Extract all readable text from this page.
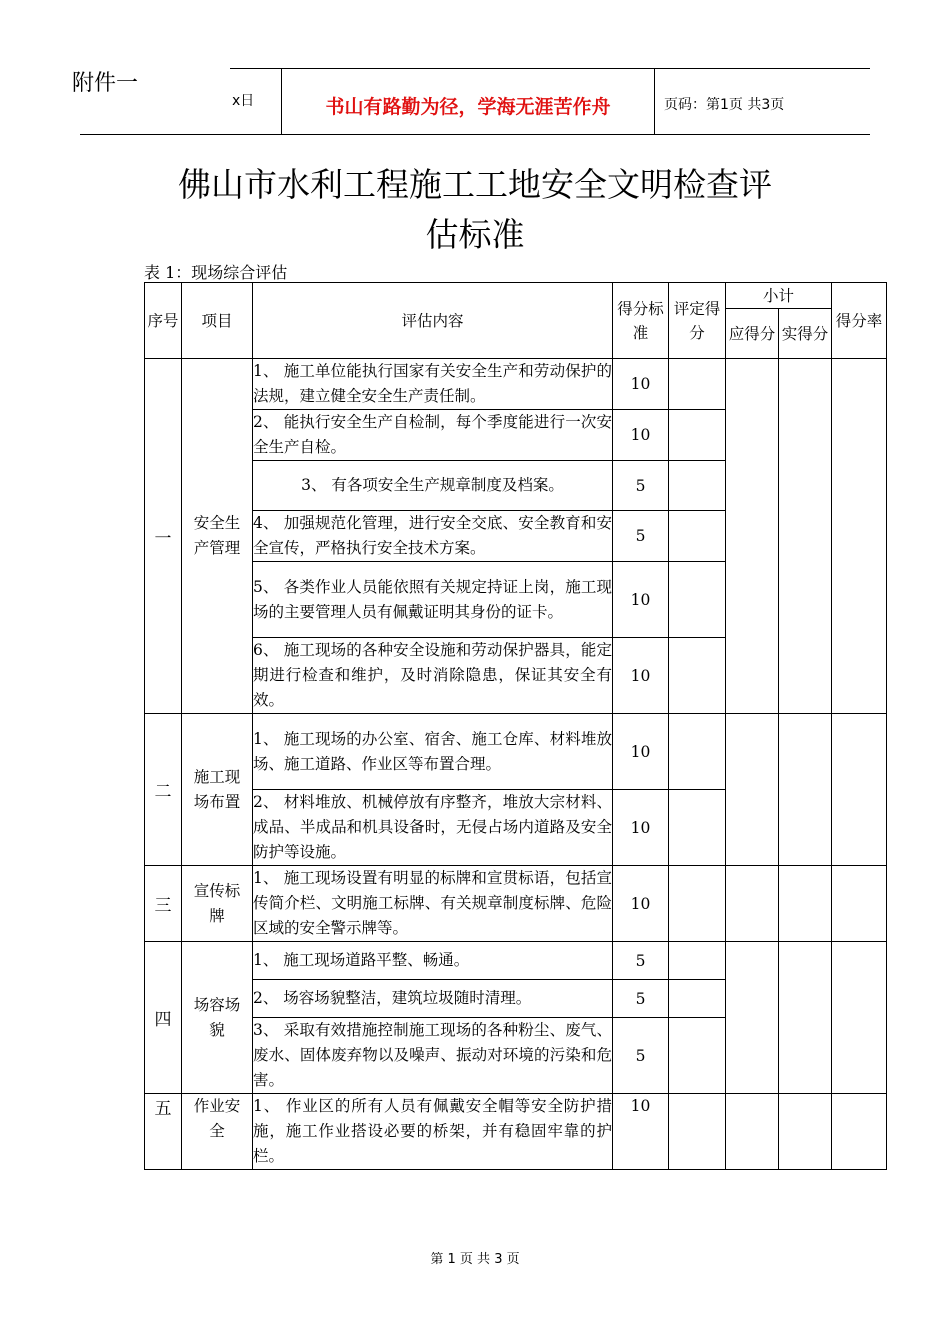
附件一
x日	书山有路勤为径，学海无涯苦作舟	页码：第1页 共3页
佛山市水利工程施工工地安全文明检查评
估标准
表 1：现场综合评估
序号	项目	评估内容	得分标准	评定得分	小计		得分率
					应得分	实得分	
一	安全生产管理	1、 施工单位能执行国家有关安全生产和劳动保护的法规，建立健全安全生产责任制。	10				

		2、 能执行安全生产自检制，每个季度能进行一次安全生产自检。	10				

		3、 有各项安全生产规章制度及档案。	5				

		4、 加强规范化管理，进行安全交底、安全教育和安全宣传，严格执行安全技术方案。	5				

		5、 各类作业人员能依照有关规定持证上岗，施工现场的主要管理人员有佩戴证明其身份的证卡。	10				

		6、 施工现场的各种安全设施和劳动保护器具，能定期进行检查和维护，及时消除隐患，保证其安全有效。	10				
二	施工现场布置	1、 施工现场的办公室、宿舍、施工仓库、材料堆放场、施工道路、作业区等布置合理。	10				

		2、 材料堆放、机械停放有序整齐，堆放大宗材料、成品、半成品和机具设备时，无侵占场内道路及安全防护等设施。	10				
三	宣传标牌	1、 施工现场设置有明显的标牌和宣贯标语，包括宣传简介栏、文明施工标牌、有关规章制度标牌、危险区域的安全警示牌等。	10				
四	场容场貌	1、 施工现场道路平整、畅通。	5				

		2、 场容场貌整洁，建筑垃圾随时清理。	5				

		3、 采取有效措施控制施工现场的各种粉尘、废气、废水、固体废弃物以及噪声、振动对环境的污染和危害。	5				
五	作业安全	1、 作业区的所有人员有佩戴安全帽等安全防护措施，施工作业搭设必要的桥架，并有稳固牢靠的护栏。	10				
第 1 页 共 3 页
